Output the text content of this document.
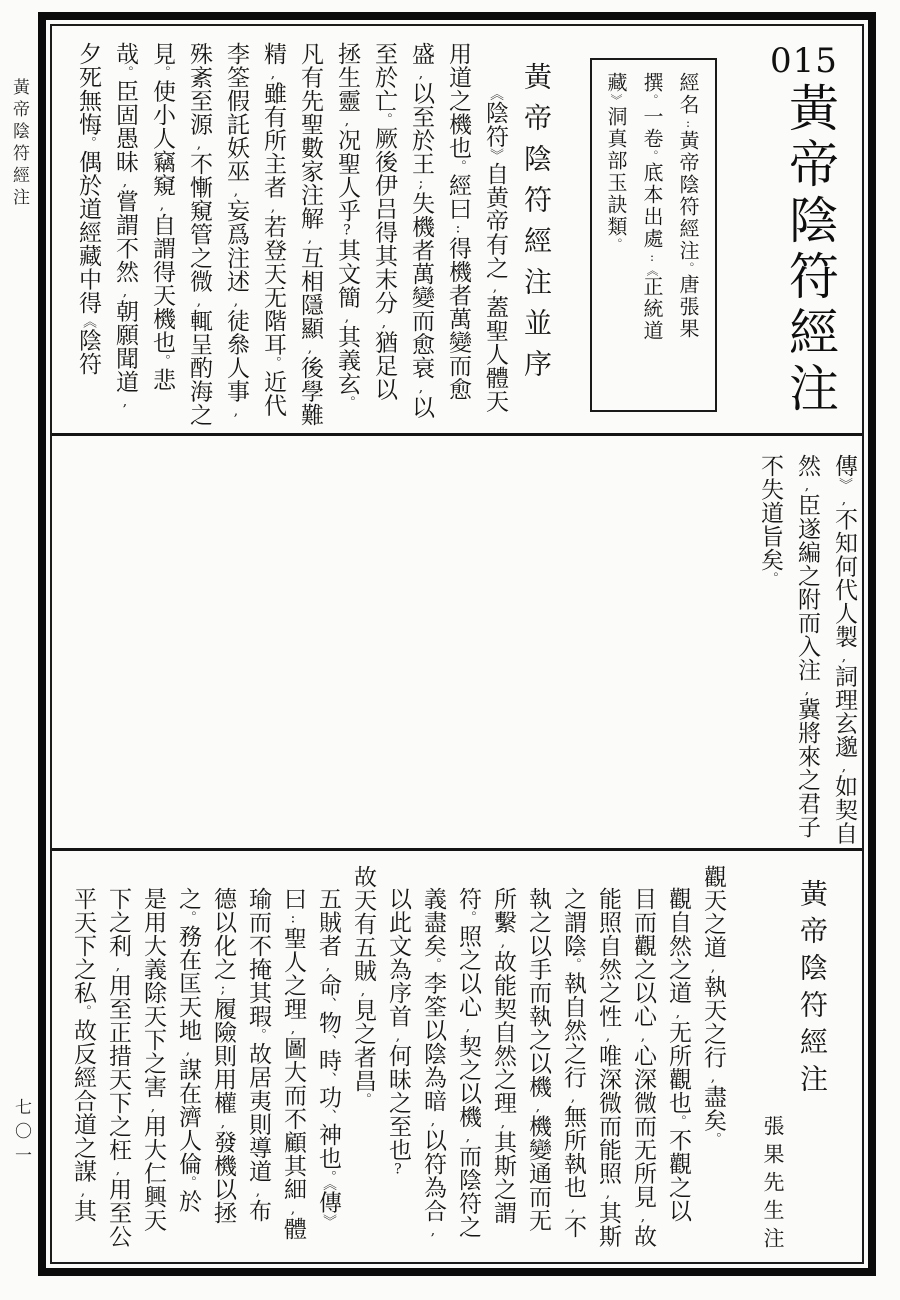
黃帝陰符經注
七〇一
015
黃帝陰符經注
經名:黃帝陰符經注。唐張果
撰。一卷。底本出處:《正統道
藏》洞真部玉訣類。
黃帝陰符經注並序
《陰符》自黄帝有之,蓋聖人體天
用道之機也。經曰:得機者萬變而愈
盛,以至於王;失機者萬變而愈衰,以
至於亡。厥後伊吕得其末分,猶足以
拯生靈,况聖人乎?其文簡,其義玄。
凡有先聖數家注解,互相隱顯,後學難
精,雖有所主者,若登天无階耳。近代
李筌假託妖巫,妄爲注述,徒叅人事,
殊紊至源,不慚窺管之微,輒呈酌海之
見。使小人竊窺,自謂得天機也。悲
哉。臣固愚昧,嘗謂不然,朝願聞道,
夕死無悔。偶於道經藏中得《陰符
傳》,不知何代人製,詞理玄邈,如契自
然,臣遂編之附而入注,冀將來之君子
不失道旨矣。
黃帝陰符經注
張果先生注
觀天之道,執天之行,盡矣。
觀自然之道,无所觀也。不觀之以
目而觀之以心,心深微而无所見,故
能照自然之性,唯深微而能照,其斯
之謂陰。執自然之行,無所執也,不
執之以手而執之以機,機變通而无
所繫,故能契自然之理,其斯之謂
符。照之以心,契之以機,而陰符之
義盡矣。李筌以陰為暗,以符為合,
以此文為序首,何昧之至也?
故天有五賊,見之者昌。
五賊者,命、物、時、功、神也。《傳》
曰:聖人之理,圖大而不顧其細,體
瑜而不掩其瑕。故居夷則導道,布
德以化之;履險則用權,發機以拯
之。務在匡天地,謀在濟人倫。於
是用大義除天下之害,用大仁興天
下之利,用至正措天下之枉,用至公
平天下之私。故反經合道之謀,其
